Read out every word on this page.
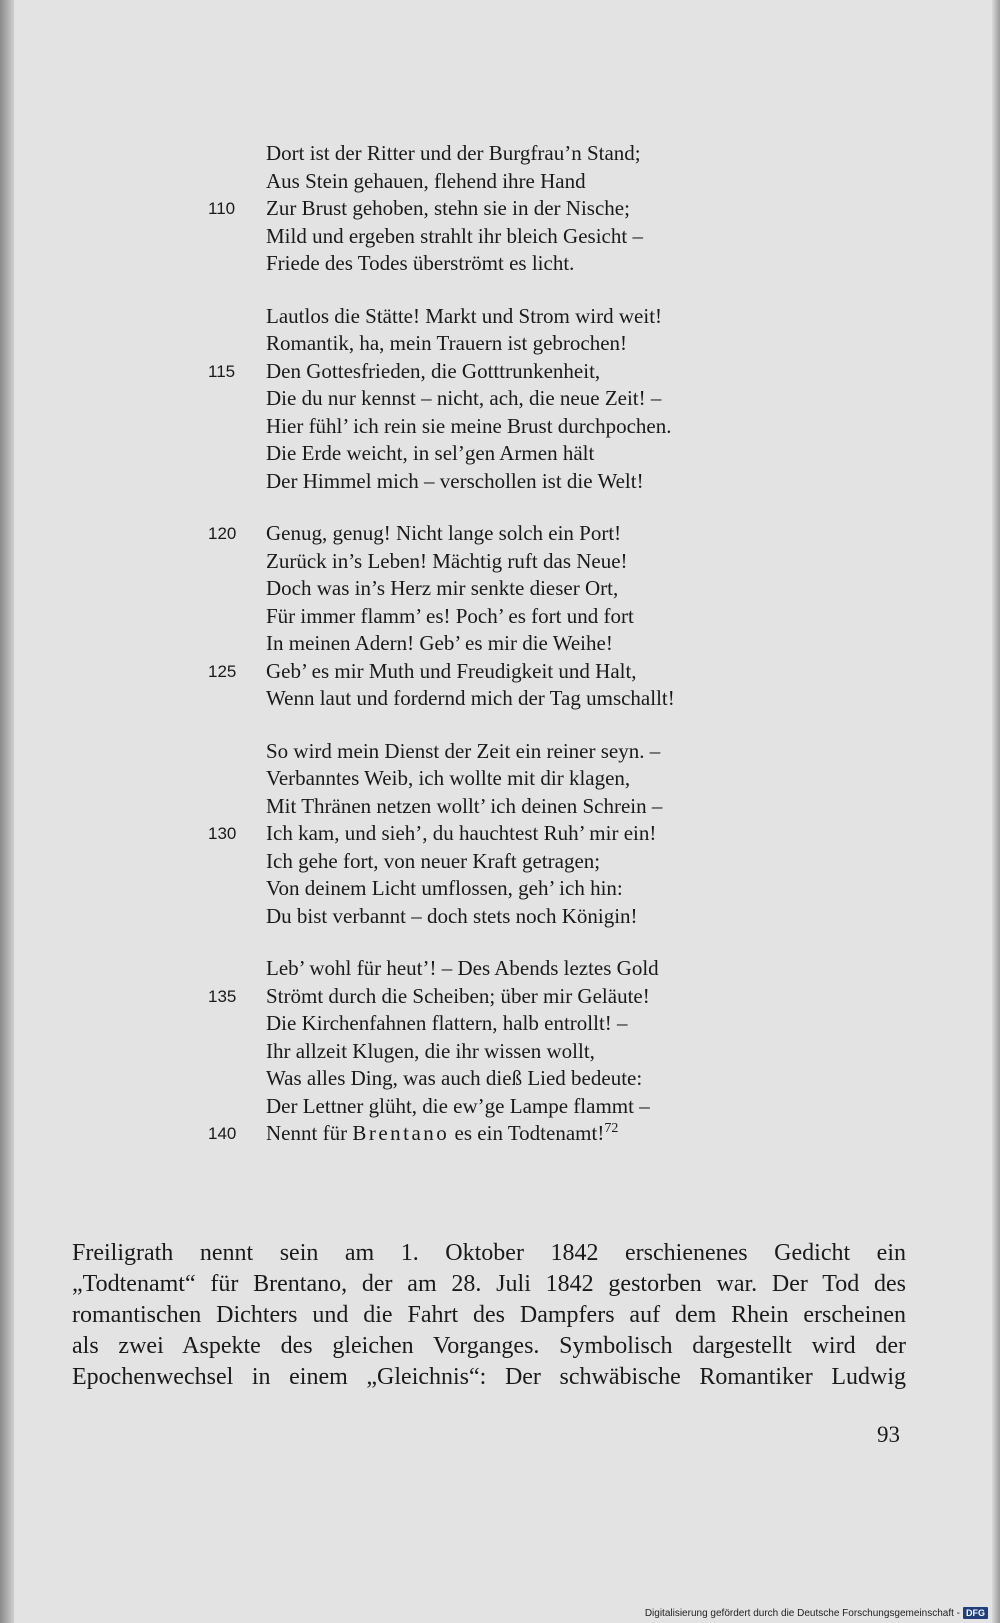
Dort ist der Ritter und der Burgfrau’n Stand;
Aus Stein gehauen, flehend ihre Hand
110 Zur Brust gehoben, stehn sie in der Nische;
Mild und ergeben strahlt ihr bleich Gesicht –
Friede des Todes überströmt es licht.
Lautlos die Stätte! Markt und Strom wird weit!
Romantik, ha, mein Trauern ist gebrochen!
115 Den Gottesfrieden, die Gotttrunkenheit,
Die du nur kennst – nicht, ach, die neue Zeit! –
Hier fühl’ ich rein sie meine Brust durchpochen.
Die Erde weicht, in sel’gen Armen hält
Der Himmel mich – verschollen ist die Welt!
120 Genug, genug! Nicht lange solch ein Port!
Zurück in’s Leben! Mächtig ruft das Neue!
Doch was in’s Herz mir senkte dieser Ort,
Für immer flamm’ es! Poch’ es fort und fort
In meinen Adern! Geb’ es mir die Weihe!
125 Geb’ es mir Muth und Freudigkeit und Halt,
Wenn laut und fordernd mich der Tag umschallt!
So wird mein Dienst der Zeit ein reiner seyn. –
Verbanntes Weib, ich wollte mit dir klagen,
Mit Thränen netzen wollt’ ich deinen Schrein –
130 Ich kam, und sieh’, du hauchtest Ruh’ mir ein!
Ich gehe fort, von neuer Kraft getragen;
Von deinem Licht umflossen, geh’ ich hin:
Du bist verbannt – doch stets noch Königin!
Leb’ wohl für heut’! – Des Abends leztes Gold
135 Strömt durch die Scheiben; über mir Geläute!
Die Kirchenfahnen flattern, halb entrollt! –
Ihr allzeit Klugen, die ihr wissen wollt,
Was alles Ding, was auch dieß Lied bedeute:
Der Lettner glüht, die ew’ge Lampe flammt –
140 Nennt für Brentano es ein Todtenamt!$^{72}$
Freiligrath nennt sein am 1. Oktober 1842 erschienenes Gedicht ein
„Todtenamt“ für Brentano, der am 28. Juli 1842 gestorben war. Der Tod des
romantischen Dichters und die Fahrt des Dampfers auf dem Rhein erscheinen
als zwei Aspekte des gleichen Vorganges. Symbolisch dargestellt wird der
Epochenwechsel in einem „Gleichnis“: Der schwäbische Romantiker Ludwig
93
Digitalisierung gefördert durch die Deutsche Forschungsgemeinschaft - DFG
